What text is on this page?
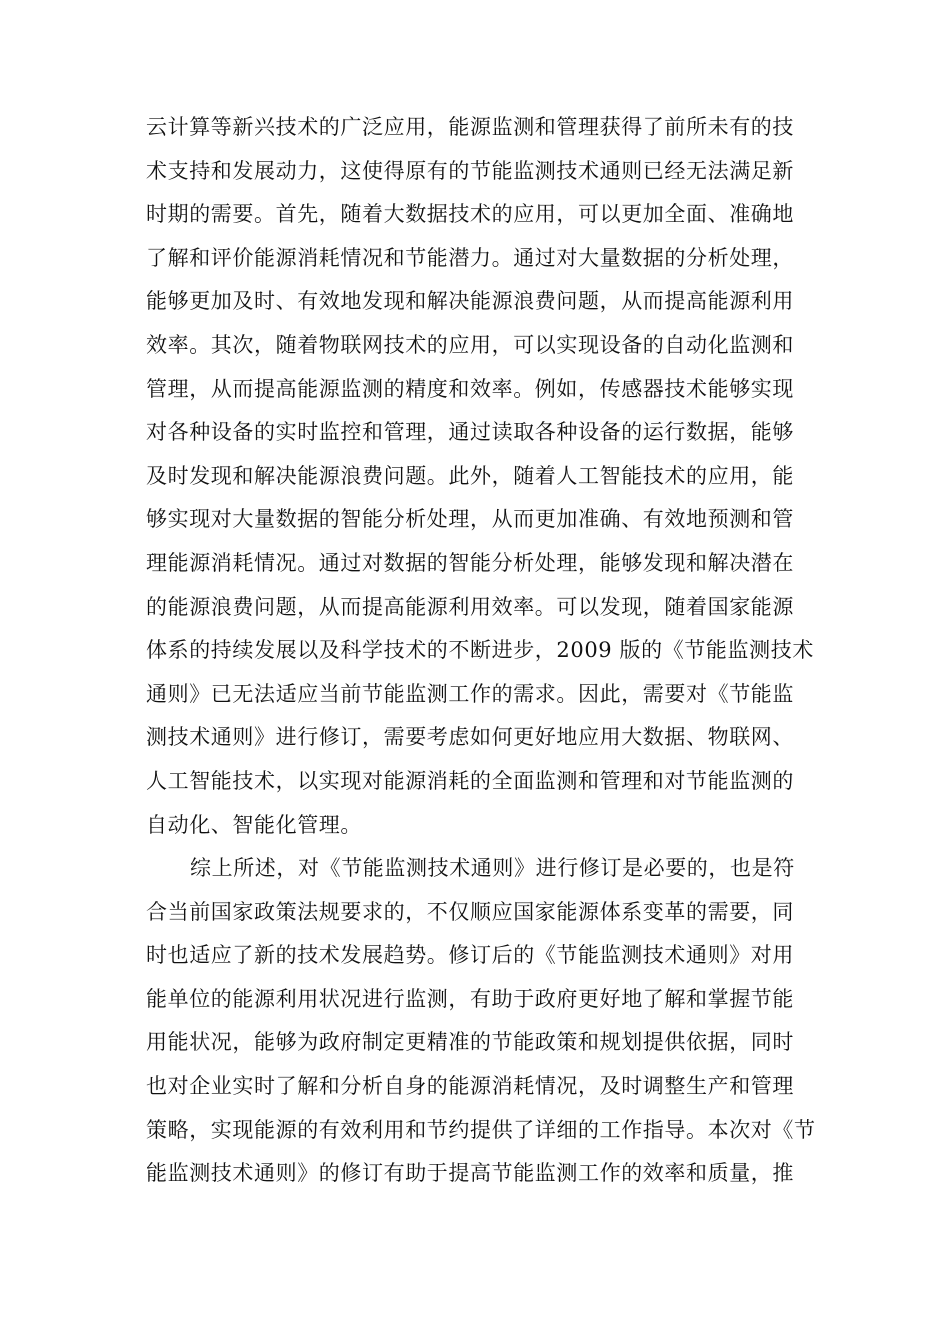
云计算等新兴技术的广泛应用，能源监测和管理获得了前所未有的技
术支持和发展动力，这使得原有的节能监测技术通则已经无法满足新
时期的需要。首先，随着大数据技术的应用，可以更加全面、准确地
了解和评价能源消耗情况和节能潜力。通过对大量数据的分析处理，
能够更加及时、有效地发现和解决能源浪费问题，从而提高能源利用
效率。其次，随着物联网技术的应用，可以实现设备的自动化监测和
管理，从而提高能源监测的精度和效率。例如，传感器技术能够实现
对各种设备的实时监控和管理，通过读取各种设备的运行数据，能够
及时发现和解决能源浪费问题。此外，随着人工智能技术的应用，能
够实现对大量数据的智能分析处理，从而更加准确、有效地预测和管
理能源消耗情况。通过对数据的智能分析处理，能够发现和解决潜在
的能源浪费问题，从而提高能源利用效率。可以发现，随着国家能源
体系的持续发展以及科学技术的不断进步，2009 版的《节能监测技术
通则》已无法适应当前节能监测工作的需求。因此，需要对《节能监
测技术通则》进行修订，需要考虑如何更好地应用大数据、物联网、
人工智能技术，以实现对能源消耗的全面监测和管理和对节能监测的
自动化、智能化管理。
综上所述，对《节能监测技术通则》进行修订是必要的，也是符
合当前国家政策法规要求的，不仅顺应国家能源体系变革的需要，同
时也适应了新的技术发展趋势。修订后的《节能监测技术通则》对用
能单位的能源利用状况进行监测，有助于政府更好地了解和掌握节能
用能状况，能够为政府制定更精准的节能政策和规划提供依据，同时
也对企业实时了解和分析自身的能源消耗情况，及时调整生产和管理
策略，实现能源的有效利用和节约提供了详细的工作指导。本次对《节
能监测技术通则》的修订有助于提高节能监测工作的效率和质量，推
